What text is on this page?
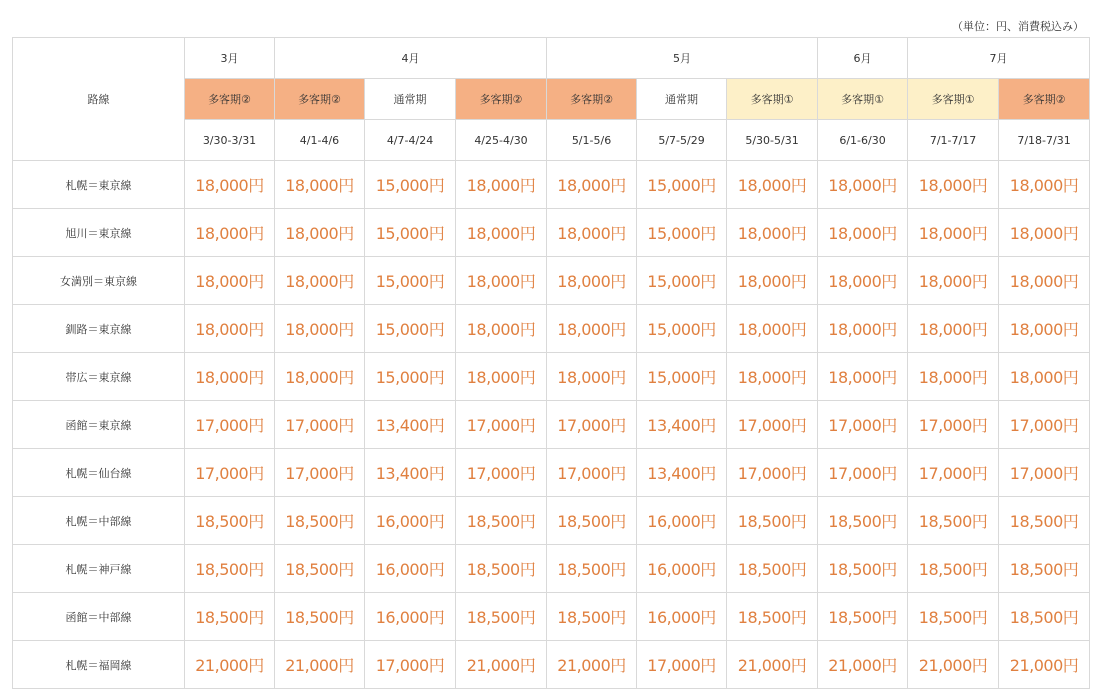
（単位：円、消費税込み）
路線	3月	4月			5月			6月	7月	
	多客期②	多客期②	通常期	多客期②	多客期②	通常期	多客期①	多客期①	多客期①	多客期②
	3/30-3/31	4/1-4/6	4/7-4/24	4/25-4/30	5/1-5/6	5/7-5/29	5/30-5/31	6/1-6/30	7/1-7/17	7/18-7/31
札幌＝東京線	18,000円	18,000円	15,000円	18,000円	18,000円	15,000円	18,000円	18,000円	18,000円	18,000円
旭川＝東京線	18,000円	18,000円	15,000円	18,000円	18,000円	15,000円	18,000円	18,000円	18,000円	18,000円
女満別＝東京線	18,000円	18,000円	15,000円	18,000円	18,000円	15,000円	18,000円	18,000円	18,000円	18,000円
釧路＝東京線	18,000円	18,000円	15,000円	18,000円	18,000円	15,000円	18,000円	18,000円	18,000円	18,000円
帯広＝東京線	18,000円	18,000円	15,000円	18,000円	18,000円	15,000円	18,000円	18,000円	18,000円	18,000円
函館＝東京線	17,000円	17,000円	13,400円	17,000円	17,000円	13,400円	17,000円	17,000円	17,000円	17,000円
札幌＝仙台線	17,000円	17,000円	13,400円	17,000円	17,000円	13,400円	17,000円	17,000円	17,000円	17,000円
札幌＝中部線	18,500円	18,500円	16,000円	18,500円	18,500円	16,000円	18,500円	18,500円	18,500円	18,500円
札幌＝神戸線	18,500円	18,500円	16,000円	18,500円	18,500円	16,000円	18,500円	18,500円	18,500円	18,500円
函館＝中部線	18,500円	18,500円	16,000円	18,500円	18,500円	16,000円	18,500円	18,500円	18,500円	18,500円
札幌＝福岡線	21,000円	21,000円	17,000円	21,000円	21,000円	17,000円	21,000円	21,000円	21,000円	21,000円
